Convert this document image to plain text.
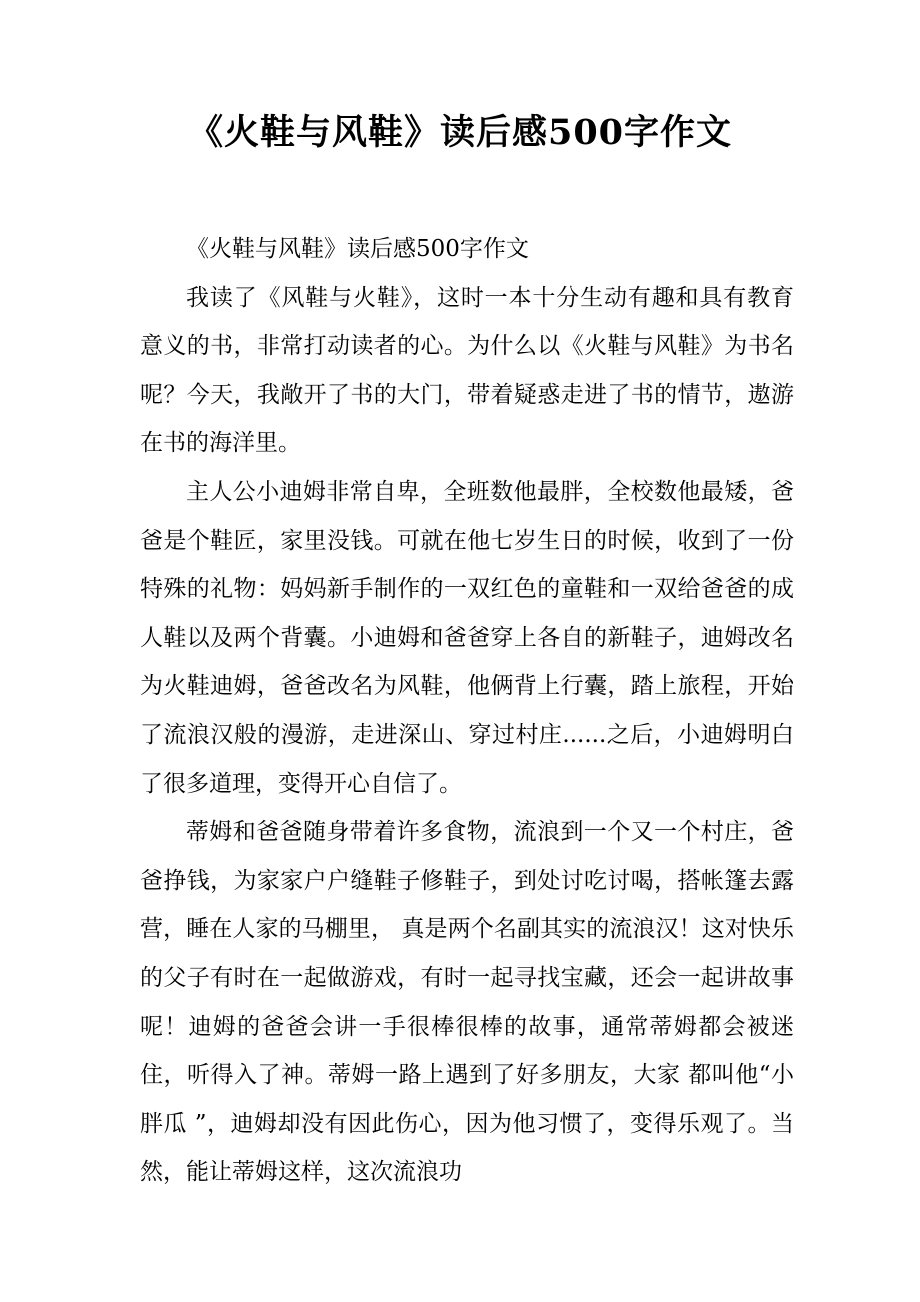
《火鞋与风鞋》读后感500字作文

《火鞋与风鞋》读后感500字作文

我读了《风鞋与火鞋》，这时一本十分生动有趣和具有教育意义的书，非常打动读者的心。为什么以《火鞋与风鞋》为书名呢？今天，我敞开了书的大门，带着疑惑走进了书的情节，遨游在书的海洋里。

主人公小迪姆非常自卑，全班数他最胖，全校数他最矮，爸爸是个鞋匠，家里没钱。可就在他七岁生日的时候，收到了一份特殊的礼物：妈妈新手制作的一双红色的童鞋和一双给爸爸的成人鞋以及两个背囊。小迪姆和爸爸穿上各自的新鞋子，迪姆改名为火鞋迪姆，爸爸改名为风鞋，他俩背上行囊，踏上旅程，开始了流浪汉般的漫游，走进深山、穿过村庄......之后，小迪姆明白了很多道理，变得开心自信了。

蒂姆和爸爸随身带着许多食物，流浪到一个又一个村庄，爸爸挣钱，为家家户户缝鞋子修鞋子，到处讨吃讨喝，搭帐篷去露营，睡在人家的马棚里， 真是两个名副其实的流浪汉！这对快乐的父子有时在一起做游戏，有时一起寻找宝藏，还会一起讲故事呢！迪姆的爸爸会讲一手很棒很棒的故事，通常蒂姆都会被迷住，听得入了神。蒂姆一路上遇到了好多朋友，大家 都叫他“小胖瓜 ”，迪姆却没有因此伤心，因为他习惯了，变得乐观了。当然，能让蒂姆这样，这次流浪功
